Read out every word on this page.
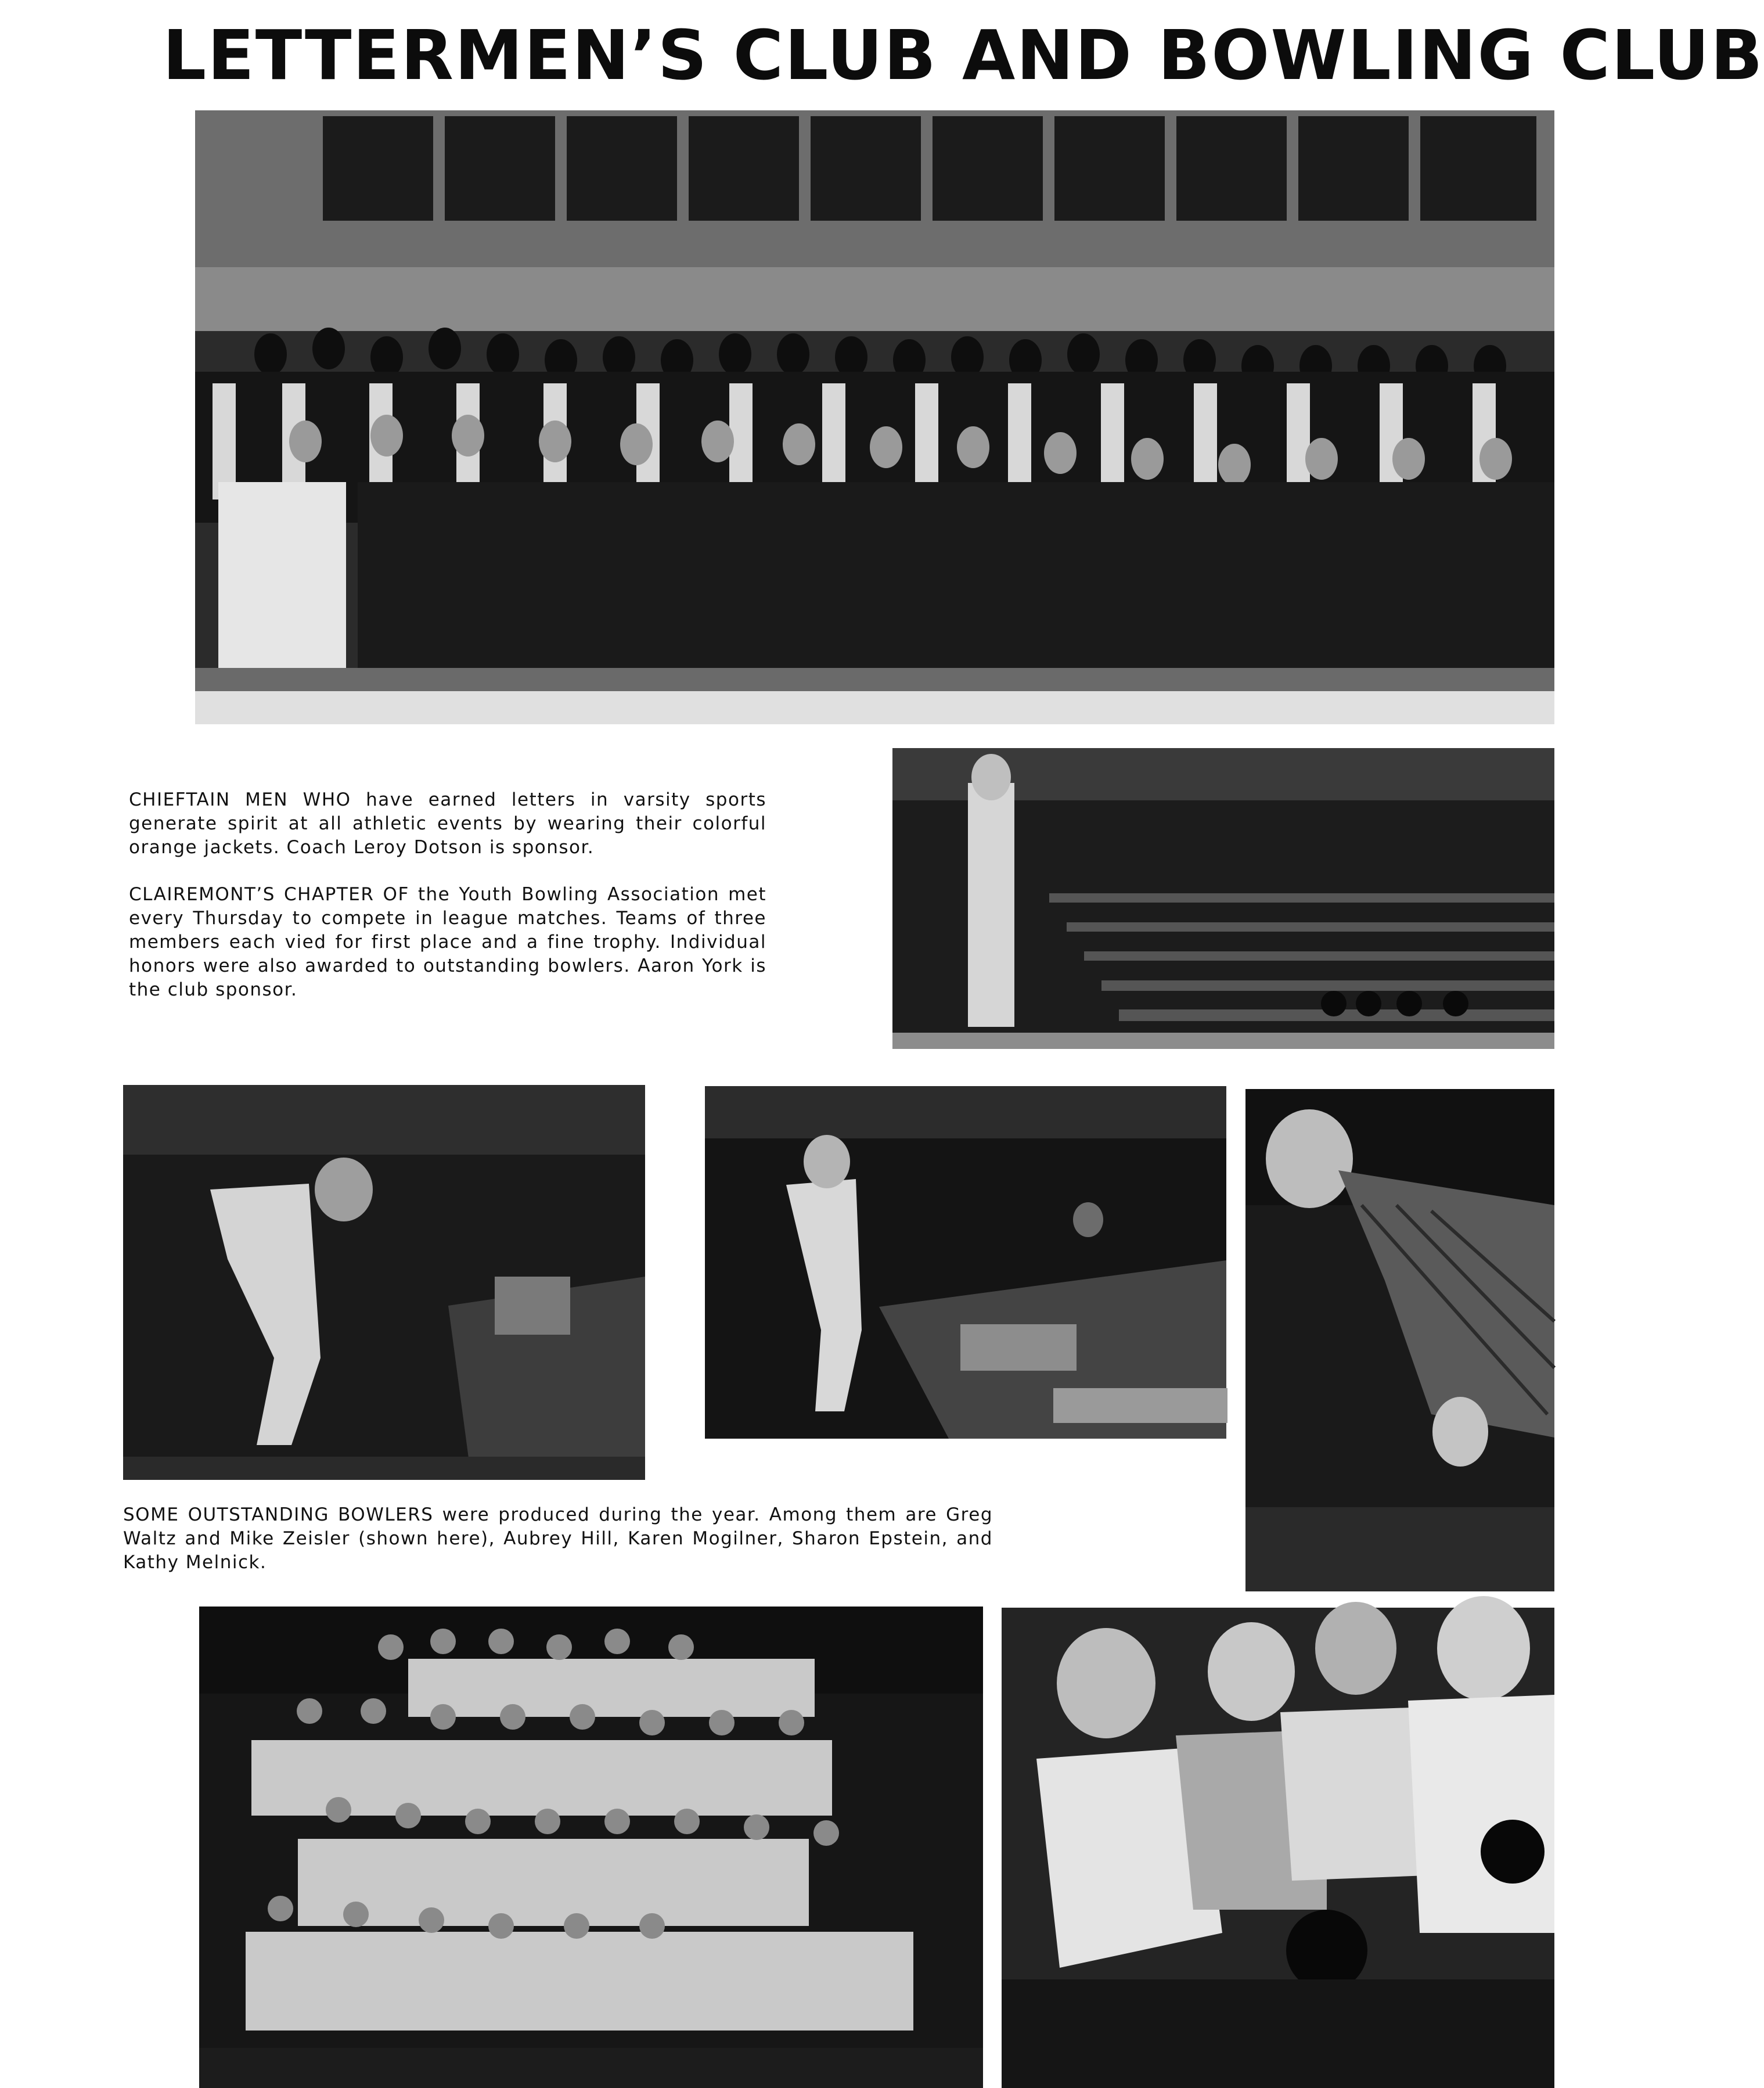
LETTERMEN’S CLUB AND BOWLING CLUB

CHIEFTAIN MEN WHO have earned letters in varsity sports generate spirit at all athletic events by wearing their colorful orange jackets. Coach Leroy Dotson is sponsor.

CLAIREMONT’S CHAPTER OF the Youth Bowling Association met every Thursday to compete in league matches. Teams of three members each vied for first place and a fine trophy. Individual honors were also awarded to outstanding bowlers. Aaron York is the club sponsor.

SOME OUTSTANDING BOWLERS were produced during the year. Among them are Greg Waltz and Mike Zeisler (shown here), Aubrey Hill, Karen Mogilner, Sharon Epstein, and Kathy Melnick.
